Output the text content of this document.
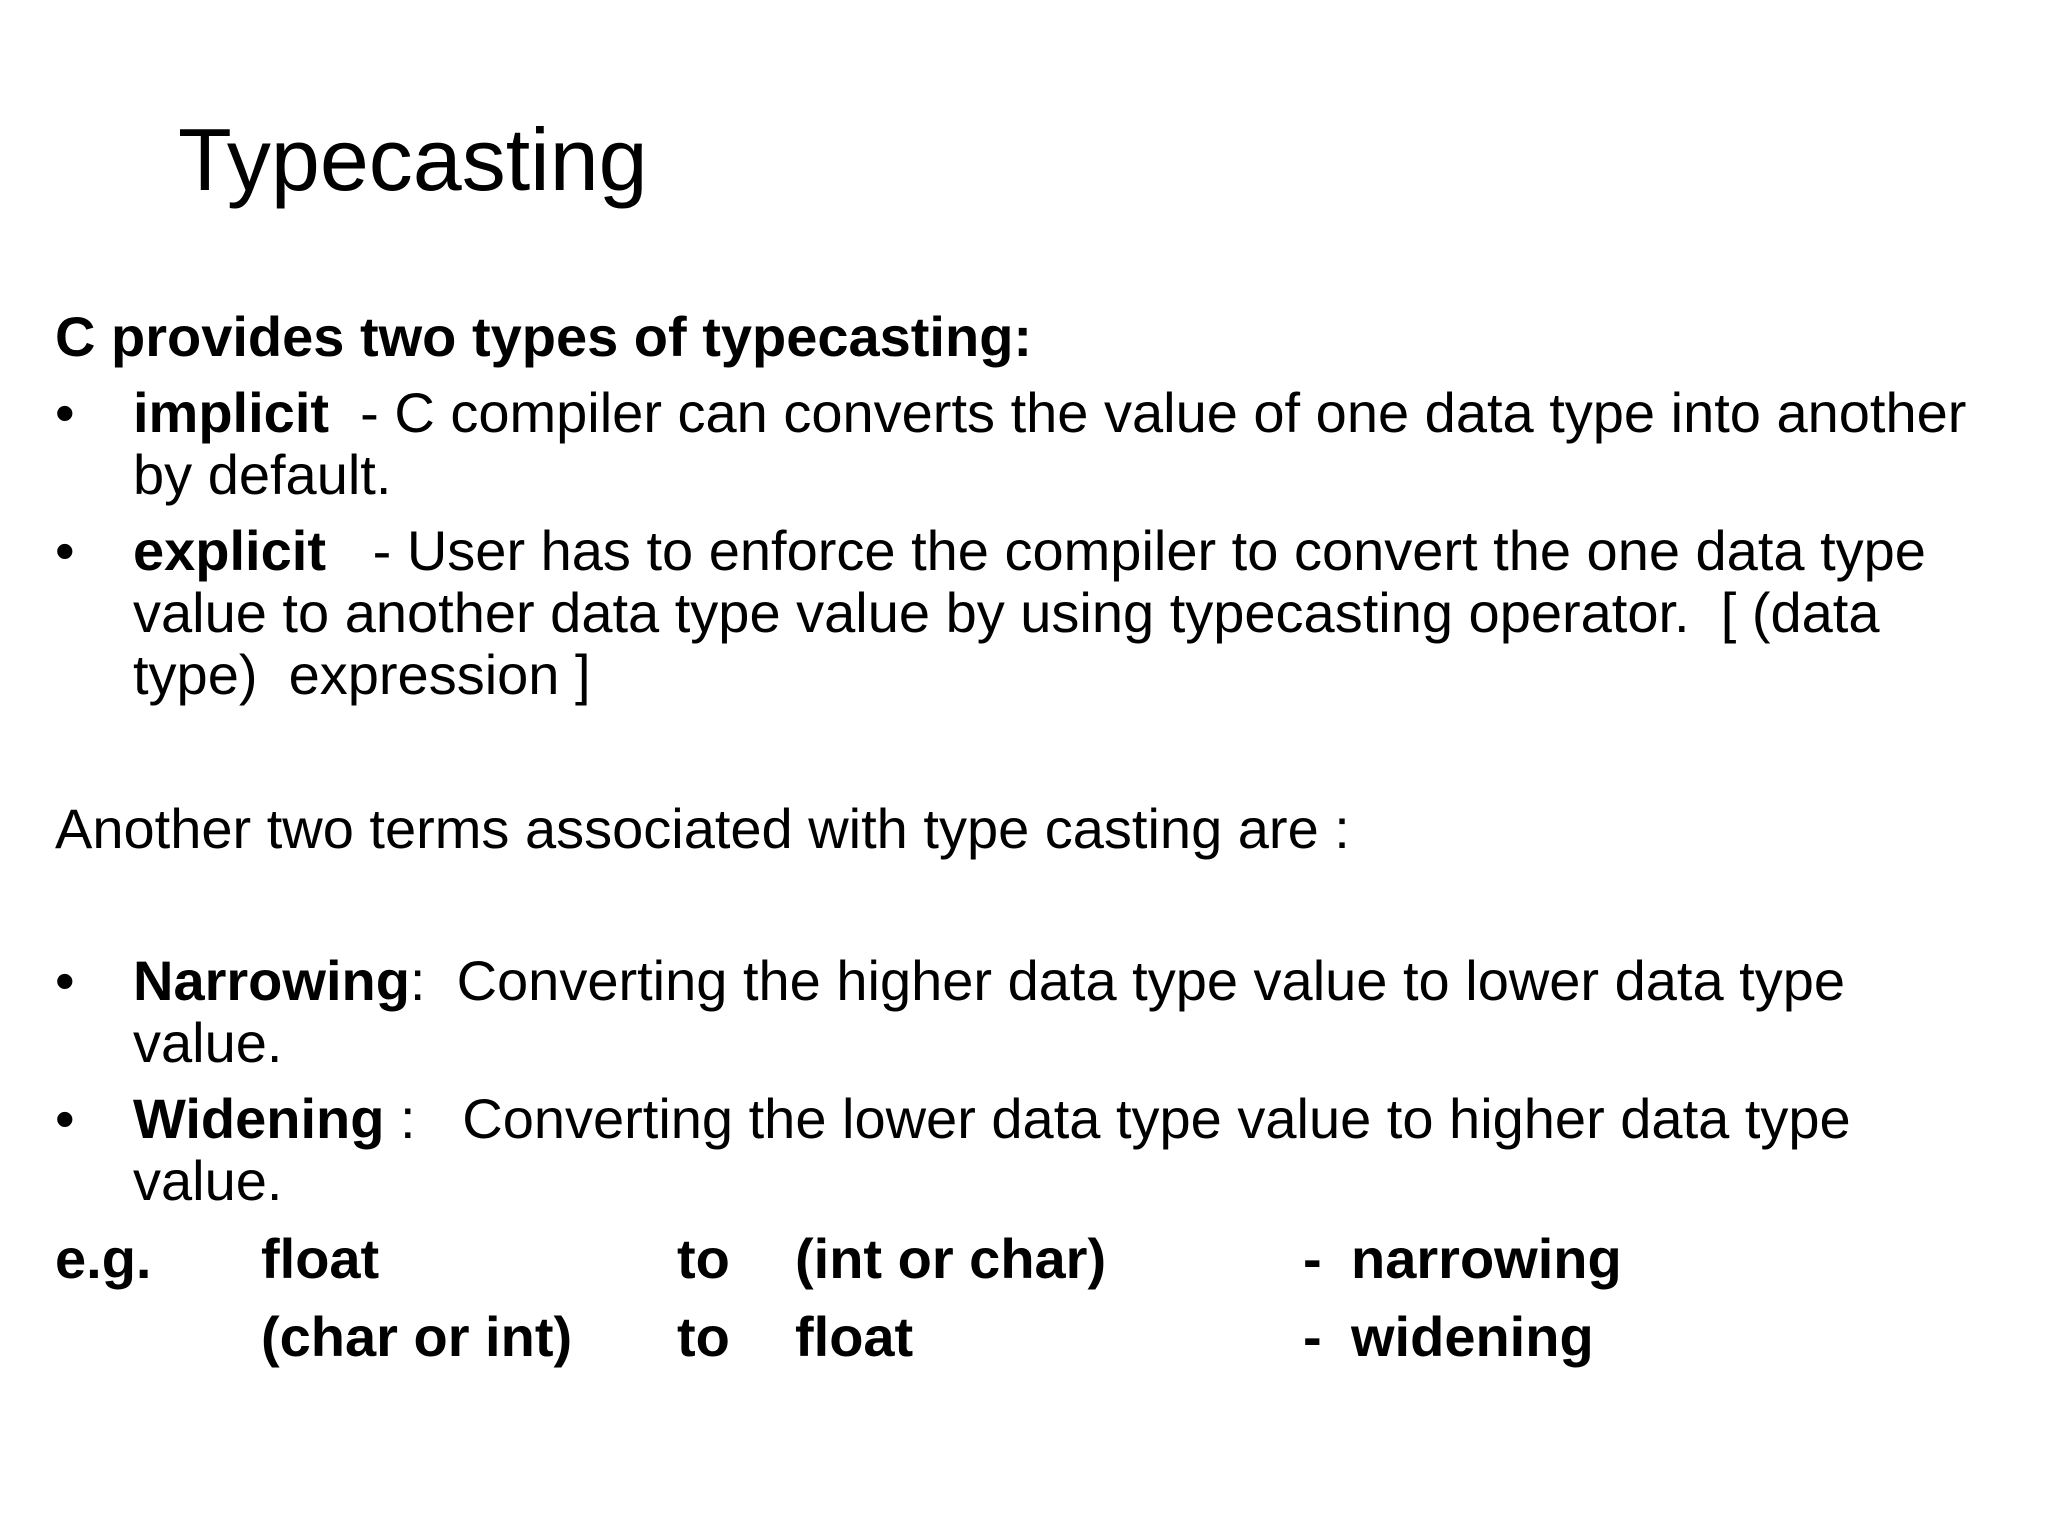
Typecasting
C provides two types of typecasting:
• implicit  - C compiler can converts the value of one data type into another by default.
• explicit   - User has to enforce the compiler to convert the one data type value to another data type value by using typecasting operator.  [ (data type)  expression ]
Another two terms associated with type casting are :
• Narrowing:  Converting the higher data type value to lower data type value.
• Widening :   Converting the lower data type value to higher data type value.
e.g. float	to (int or char)	- narrowing
(char or int) to float	- widening
